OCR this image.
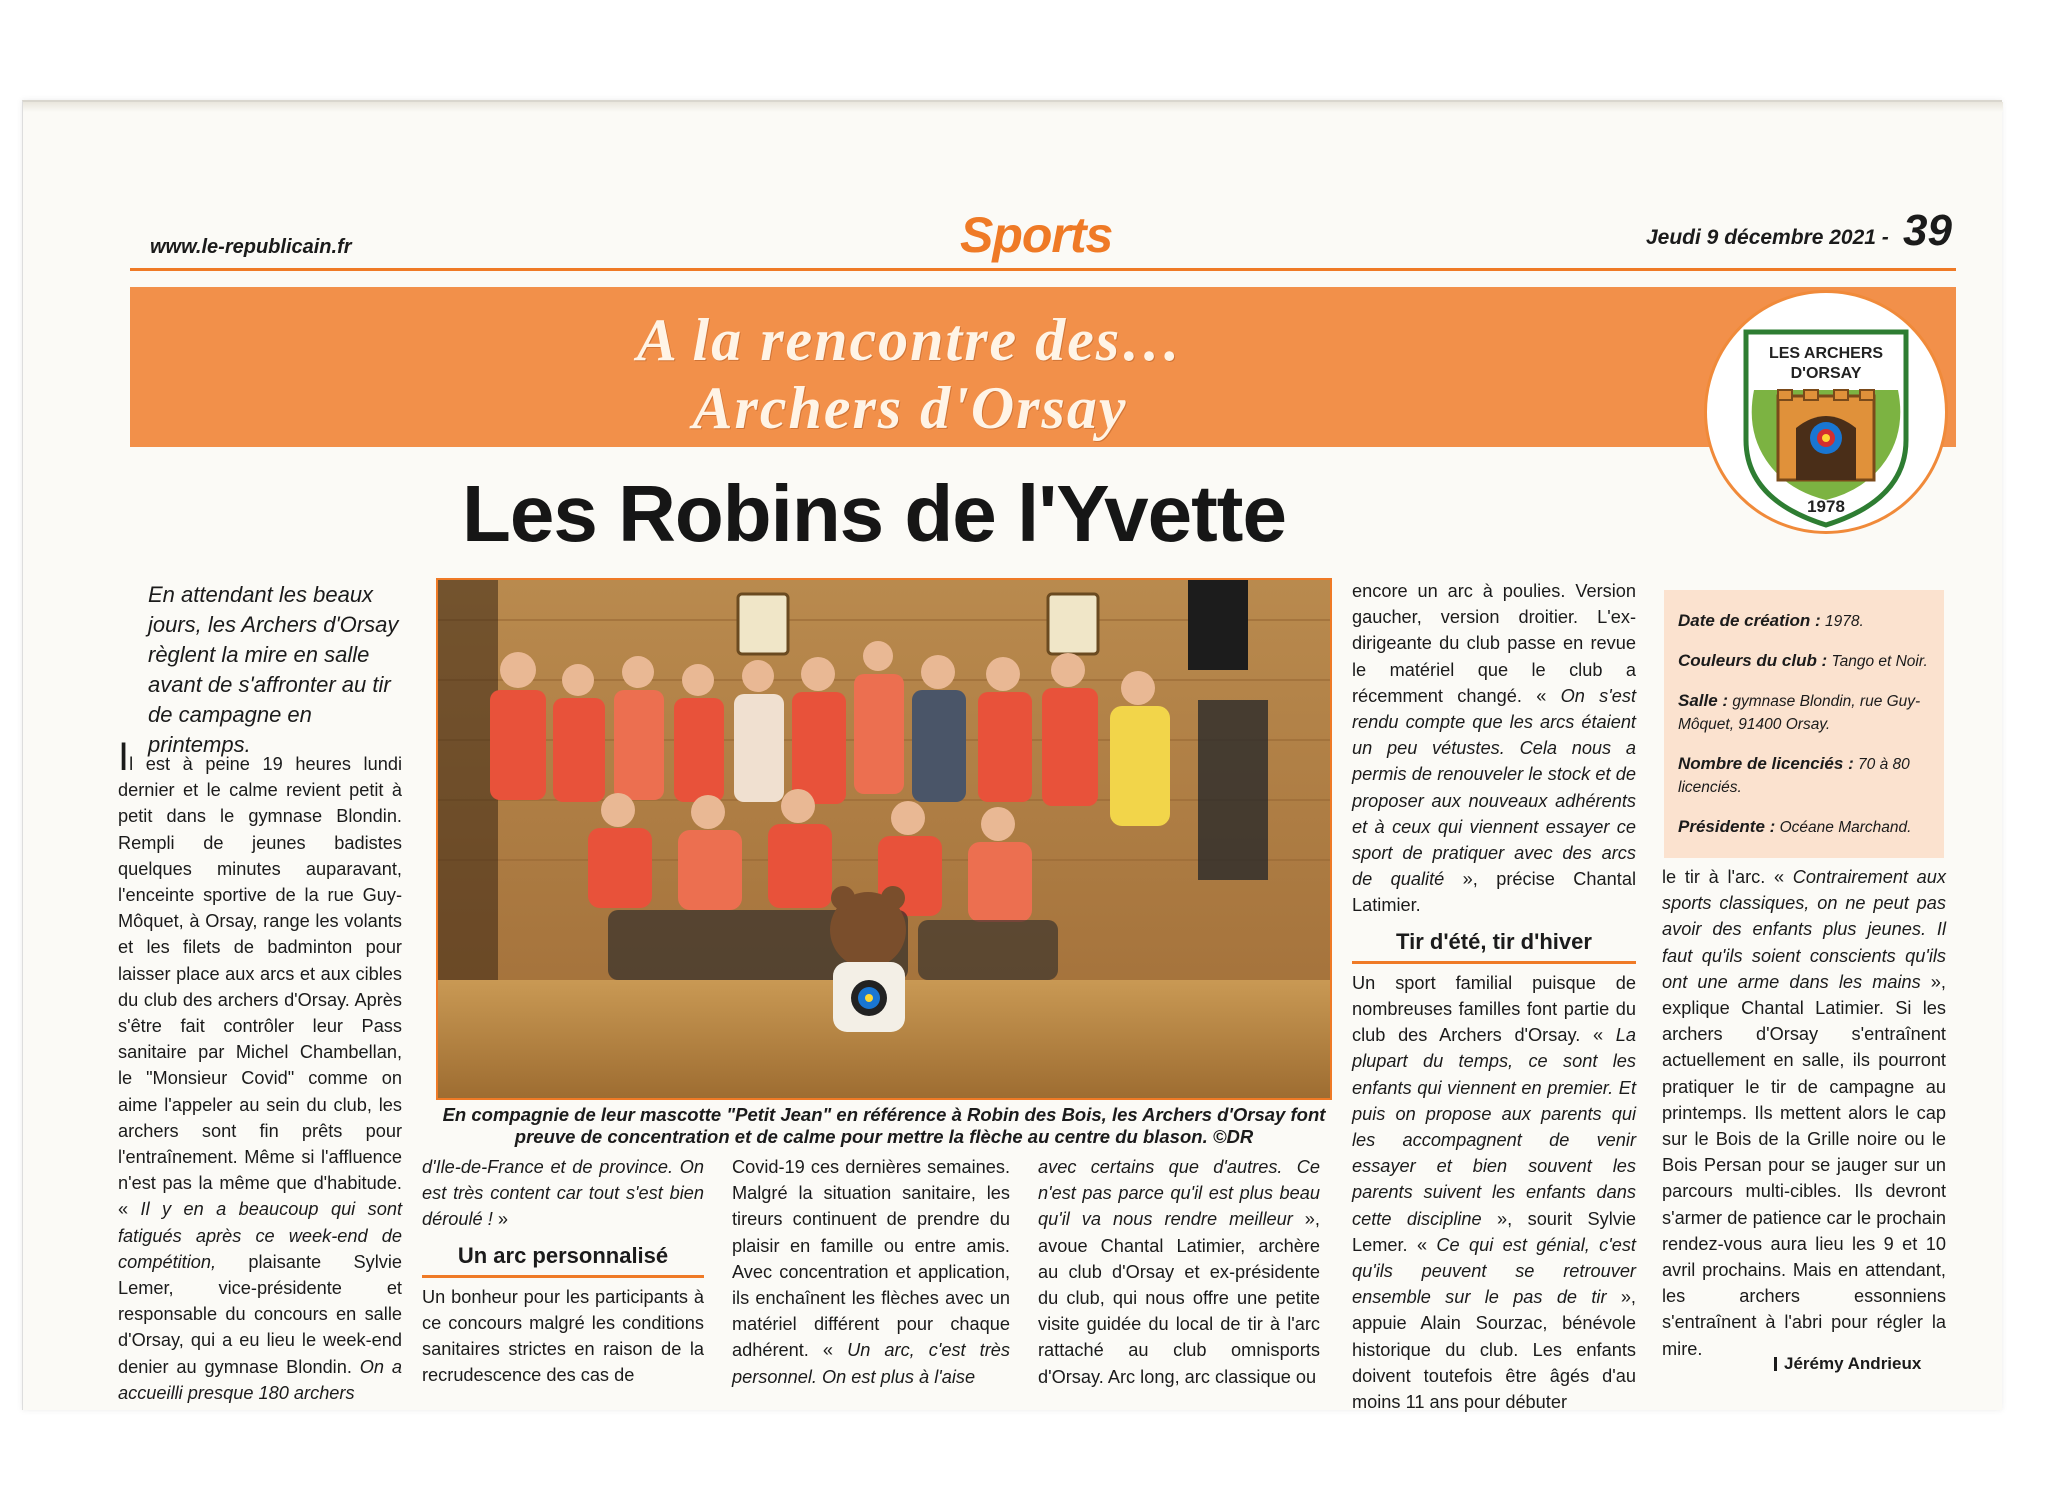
www.le-republicain.fr	Sports	Jeudi 9 décembre 2021 - 39
A la rencontre des…
Archers d'Orsay
LES ARCHERS
D'ORSAY
1978
Les Robins de l'Yvette
En attendant les beaux jours, les Archers d'Orsay règlent la mire en salle avant de s'affronter au tir de campagne en printemps.

Il est à peine 19 heures lundi dernier et le calme revient petit à petit dans le gymnase Blondin. Rempli de jeunes badistes quelques minutes auparavant, l'enceinte sportive de la rue Guy-Môquet, à Orsay, range les volants et les filets de badminton pour laisser place aux arcs et aux cibles du club des archers d'Orsay. Après s'être fait contrôler leur Pass sanitaire par Michel Chambellan, le "Monsieur Covid" comme on aime l'appeler au sein du club, les archers sont fin prêts pour l'entraînement. Même si l'affluence n'est pas la même que d'habitude. « Il y en a beaucoup qui sont fatigués après ce week-end de compétition, plaisante Sylvie Lemer, vice-présidente et responsable du concours en salle d'Orsay, qui a eu lieu le week-end denier au gymnase Blondin. On a accueilli presque 180 archers

En compagnie de leur mascotte "Petit Jean" en référence à Robin des Bois, les Archers d'Orsay font preuve de concentration et de calme pour mettre la flèche au centre du blason. ©DR

d'Ile-de-France et de province. On est très content car tout s'est bien déroulé ! »

Un arc personnalisé

Un bonheur pour les participants à ce concours malgré les conditions sanitaires strictes en raison de la recrudescence des cas de

Covid-19 ces dernières semaines. Malgré la situation sanitaire, les tireurs continuent de prendre du plaisir en famille ou entre amis. Avec concentration et application, ils enchaînent les flèches avec un matériel différent pour chaque adhérent. « Un arc, c'est très personnel. On est plus à l'aise

avec certains que d'autres. Ce n'est pas parce qu'il est plus beau qu'il va nous rendre meilleur », avoue Chantal Latimier, archère au club d'Orsay et ex-présidente du club, qui nous offre une petite visite guidée du local de tir à l'arc rattaché au club omnisports d'Orsay. Arc long, arc classique ou

encore un arc à poulies. Version gaucher, version droitier. L'ex-dirigeante du club passe en revue le matériel que le club a récemment changé. « On s'est rendu compte que les arcs étaient un peu vétustes. Cela nous a permis de renouveler le stock et de proposer aux nouveaux adhérents et à ceux qui viennent essayer ce sport de pratiquer avec des arcs de qualité », précise Chantal Latimier.

Tir d'été, tir d'hiver

Un sport familial puisque de nombreuses familles font partie du club des Archers d'Orsay. « La plupart du temps, ce sont les enfants qui viennent en premier. Et puis on propose aux parents qui les accompagnent de venir essayer et bien souvent les parents suivent les enfants dans cette discipline », sourit Sylvie Lemer. « Ce qui est génial, c'est qu'ils peuvent se retrouver ensemble sur le pas de tir », appuie Alain Sourzac, bénévole historique du club. Les enfants doivent toutefois être âgés d'au moins 11 ans pour débuter

Date de création : 1978.
Couleurs du club : Tango et Noir.
Salle : gymnase Blondin, rue Guy-Môquet, 91400 Orsay.
Nombre de licenciés : 70 à 80 licenciés.
Présidente : Océane Marchand.

le tir à l'arc. « Contrairement aux sports classiques, on ne peut pas avoir des enfants plus jeunes. Il faut qu'ils soient conscients qu'ils ont une arme dans les mains », explique Chantal Latimier. Si les archers d'Orsay s'entraînent actuellement en salle, ils pourront pratiquer le tir de campagne au printemps. Ils mettent alors le cap sur le Bois de la Grille noire ou le Bois Persan pour se jauger sur un parcours multi-cibles. Ils devront s'armer de patience car le prochain rendez-vous aura lieu les 9 et 10 avril prochains. Mais en attendant, les archers essonniens s'entraînent à l'abri pour régler la mire.

Jérémy Andrieux
